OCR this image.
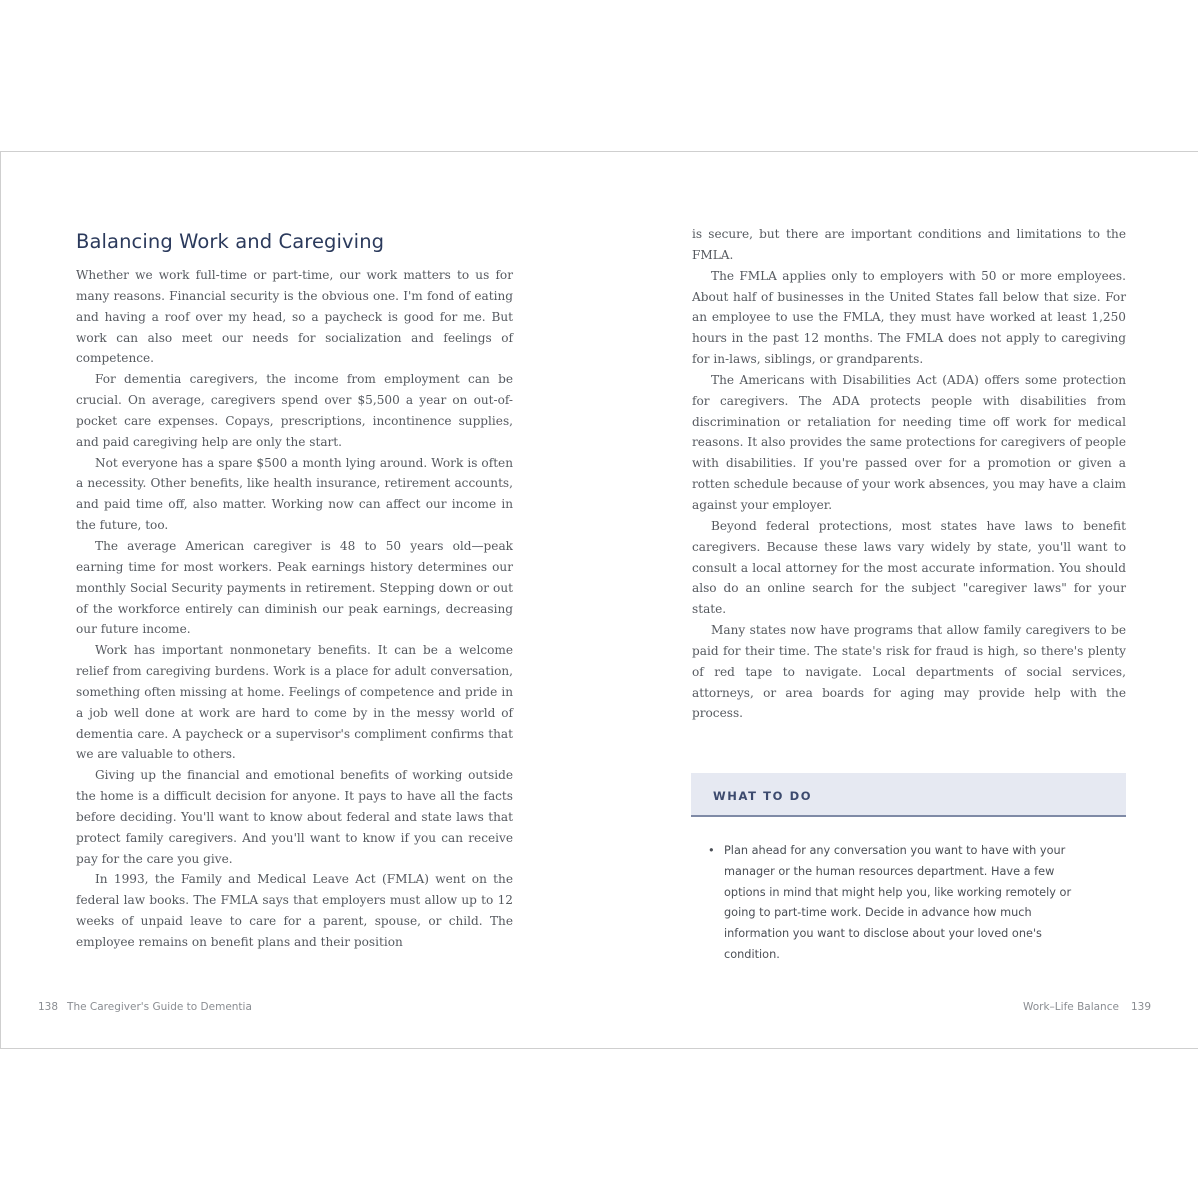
Balancing Work and Caregiving

Whether we work full-time or part-time, our work matters to us for many reasons. Financial security is the obvious one. I'm fond of eating and having a roof over my head, so a paycheck is good for me. But work can also meet our needs for socialization and feelings of competence.

For dementia caregivers, the income from employment can be crucial. On average, caregivers spend over $5,500 a year on out-of-pocket care expenses. Copays, prescriptions, incontinence supplies, and paid caregiving help are only the start.

Not everyone has a spare $500 a month lying around. Work is often a necessity. Other benefits, like health insurance, retirement accounts, and paid time off, also matter. Working now can affect our income in the future, too.

The average American caregiver is 48 to 50 years old—peak earning time for most workers. Peak earnings history determines our monthly Social Security payments in retirement. Stepping down or out of the workforce entirely can diminish our peak earnings, decreasing our future income.

Work has important nonmonetary benefits. It can be a welcome relief from caregiving burdens. Work is a place for adult conversation, something often missing at home. Feelings of competence and pride in a job well done at work are hard to come by in the messy world of dementia care. A paycheck or a supervisor's compliment confirms that we are valuable to others.

Giving up the financial and emotional benefits of working outside the home is a difficult decision for anyone. It pays to have all the facts before deciding. You'll want to know about federal and state laws that protect family caregivers. And you'll want to know if you can receive pay for the care you give.

In 1993, the Family and Medical Leave Act (FMLA) went on the federal law books. The FMLA says that employers must allow up to 12 weeks of unpaid leave to care for a parent, spouse, or child. The employee remains on benefit plans and their position

138 The Caregiver's Guide to Dementia

is secure, but there are important conditions and limitations to the FMLA.

The FMLA applies only to employers with 50 or more employees. About half of businesses in the United States fall below that size. For an employee to use the FMLA, they must have worked at least 1,250 hours in the past 12 months. The FMLA does not apply to caregiving for in-laws, siblings, or grandparents.

The Americans with Disabilities Act (ADA) offers some protection for caregivers. The ADA protects people with disabilities from discrimination or retaliation for needing time off work for medical reasons. It also provides the same protections for caregivers of people with disabilities. If you're passed over for a promotion or given a rotten schedule because of your work absences, you may have a claim against your employer.

Beyond federal protections, most states have laws to benefit caregivers. Because these laws vary widely by state, you'll want to consult a local attorney for the most accurate information. You should also do an online search for the subject "caregiver laws" for your state.

Many states now have programs that allow family caregivers to be paid for their time. The state's risk for fraud is high, so there's plenty of red tape to navigate. Local departments of social services, attorneys, or area boards for aging may provide help with the process.

WHAT TO DO
• Plan ahead for any conversation you want to have with your manager or the human resources department. Have a few options in mind that might help you, like working remotely or going to part-time work. Decide in advance how much information you want to disclose about your loved one's condition.
Work–Life Balance 139
